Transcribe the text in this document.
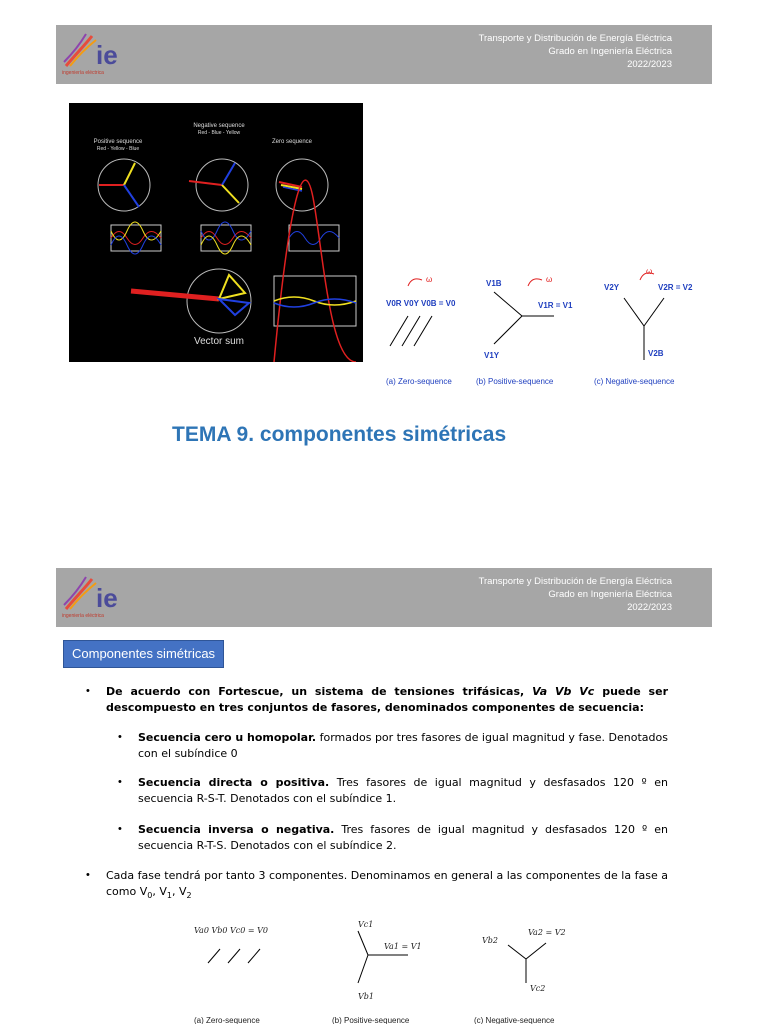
ie
ingeniería eléctrica
Transporte y Distribución de Energía Eléctrica
Grado en Ingeniería Eléctrica
2022/2023
Positive sequence
Red - Yellow - Blue
Negative sequence
Red - Blue - Yellow
Zero sequence
Vector sum
ω
V0R V0Y V0B = V0
ω
V1B
V1R = V1
V1Y
ω
V2Y	V2R = V2
V2B
(a) Zero-sequence	(b) Positive-sequence	(c) Negative-sequence
TEMA 9. componentes simétricas
ie
ingeniería eléctrica
Transporte y Distribución de Energía Eléctrica
Grado en Ingeniería Eléctrica
2022/2023
Componentes simétricas
• De acuerdo con Fortescue, un sistema de tensiones trifásicas, Va Vb Vc puede ser descompuesto en tres conjuntos de fasores, denominados componentes de secuencia:
• Secuencia cero u homopolar. formados por tres fasores de igual magnitud y fase. Denotados con el subíndice 0
• Secuencia directa o positiva. Tres fasores de igual magnitud y desfasados 120 º en secuencia R-S-T. Denotados con el subíndice 1.
• Secuencia inversa o negativa. Tres fasores de igual magnitud y desfasados 120 º en secuencia R-T-S. Denotados con el subíndice 2.
• Cada fase tendrá por tanto 3 componentes. Denominamos en general a las componentes de la fase a como $V_0$, $V_1$, $V_2$
Va0 Vb0 Vc0 = V0
Vc1
Va1 = V1
Vb1
Vb2
Va2 = V2
Vc2
(a) Zero-sequence	(b) Positive-sequence	(c) Negative-sequence
